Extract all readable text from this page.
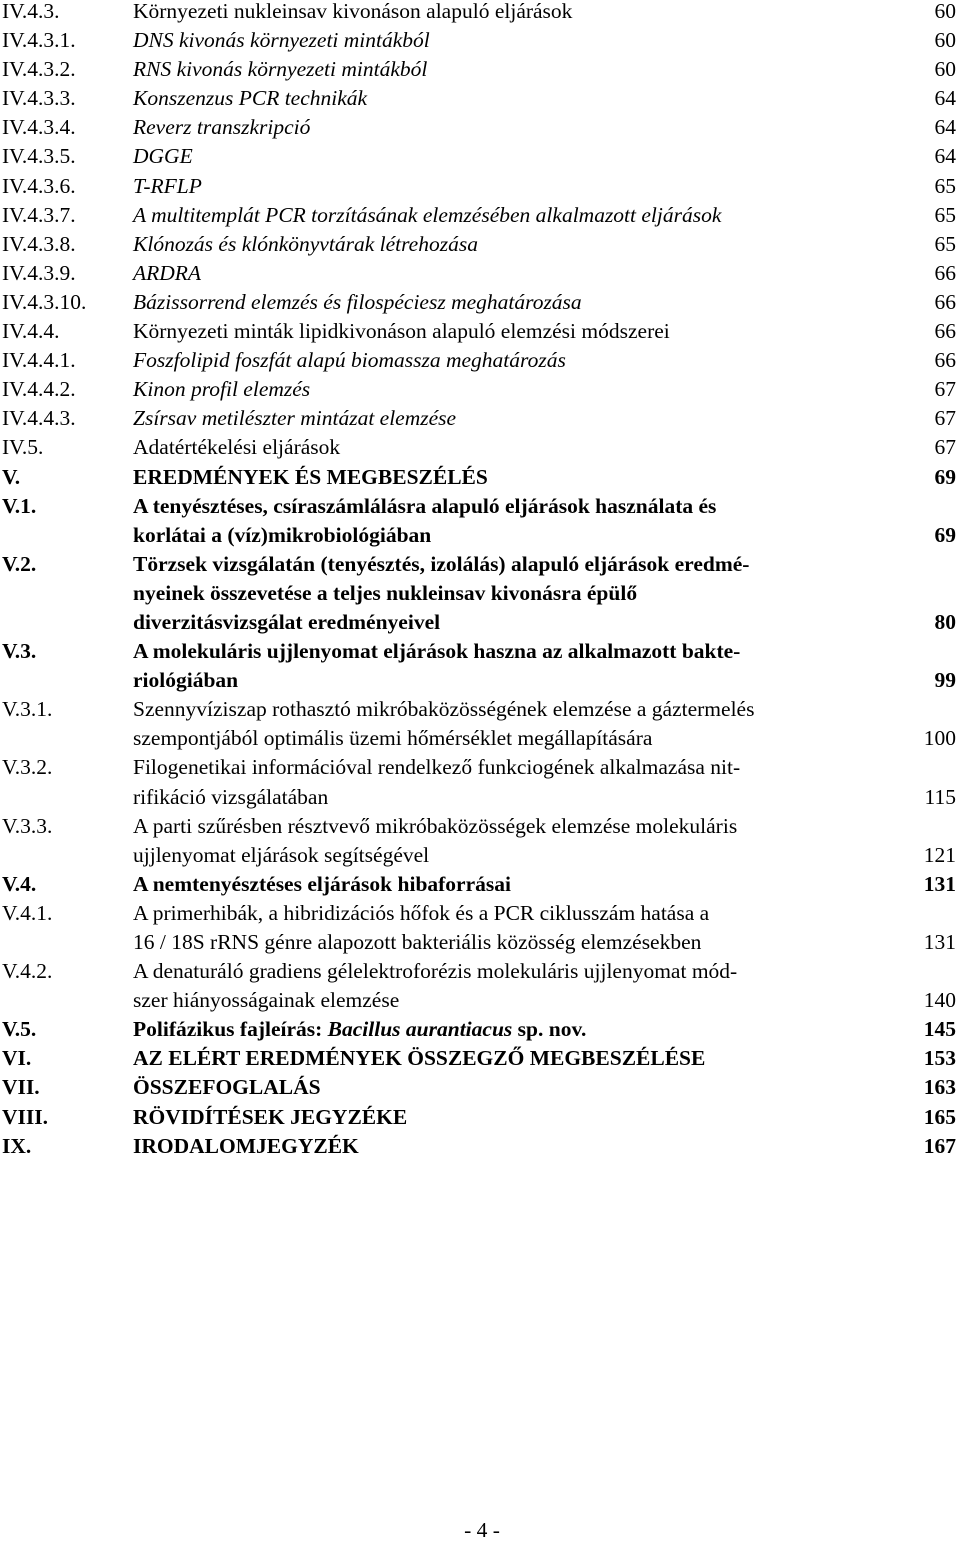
IV.4.3.	Környezeti nukleinsav kivonáson alapuló eljárások	60
IV.4.3.1.	DNS kivonás környezeti mintákból	60
IV.4.3.2.	RNS kivonás környezeti mintákból	60
IV.4.3.3.	Konszenzus PCR technikák	64
IV.4.3.4.	Reverz transzkripció	64
IV.4.3.5.	DGGE	64
IV.4.3.6.	T-RFLP	65
IV.4.3.7.	A multitemplát PCR torzításának elemzésében alkalmazott eljárások	65
IV.4.3.8.	Klónozás és klónkönyvtárak létrehozása	65
IV.4.3.9.	ARDRA	66
IV.4.3.10. Bázissorrend elemzés és filospéciesz meghatározása	66
IV.4.4.	Környezeti minták lipidkivonáson alapuló elemzési módszerei	66
IV.4.4.1.	Foszfolipid foszfát alapú biomassza meghatározás	66
IV.4.4.2.	Kinon profil elemzés	67
IV.4.4.3.	Zsírsav metilészter mintázat elemzése	67
IV.5.	Adatértékelési eljárások	67
V.	EREDMÉNYEK ÉS MEGBESZÉLÉS	69
V.1.	A tenyésztéses, csíraszámlálásra alapuló eljárások használata és
korlátai a (víz)mikrobiológiában	69
V.2.	Törzsek vizsgálatán (tenyésztés, izolálás) alapuló eljárások eredmé-
nyeinek összevetése a teljes nukleinsav kivonásra épülő
diverzitásvizsgálat eredményeivel	80
V.3.	A molekuláris ujjlenyomat eljárások haszna az alkalmazott bakte-
riológiában	99
V.3.1.	Szennyvíziszap rothasztó mikróbaközösségének elemzése a gáztermelés
szempontjából optimális üzemi hőmérséklet megállapítására	100
V.3.2.	Filogenetikai információval rendelkező funkciogének alkalmazása nit-
rifikáció vizsgálatában	115
V.3.3.	A parti szűrésben résztvevő mikróbaközösségek elemzése molekuláris
ujjlenyomat eljárások segítségével	121
V.4.	A nemtenyésztéses eljárások hibaforrásai	131
V.4.1.	A primerhibák, a hibridizációs hőfok és a PCR ciklusszám hatása a
16 / 18S rRNS génre alapozott bakteriális közösség elemzésekben	131
V.4.2.	A denaturáló gradiens gélelektroforézis molekuláris ujjlenyomat mód-
szer hiányosságainak elemzése	140
V.5.	Polifázikus fajleírás: Bacillus aurantiacus sp. nov.	145
VI.	AZ ELÉRT EREDMÉNYEK ÖSSZEGZŐ MEGBESZÉLÉSE	153
VII.	ÖSSZEFOGLALÁS	163
VIII.	RÖVIDÍTÉSEK JEGYZÉKE	165
IX.	IRODALOMJEGYZÉK	167
- 4 -
